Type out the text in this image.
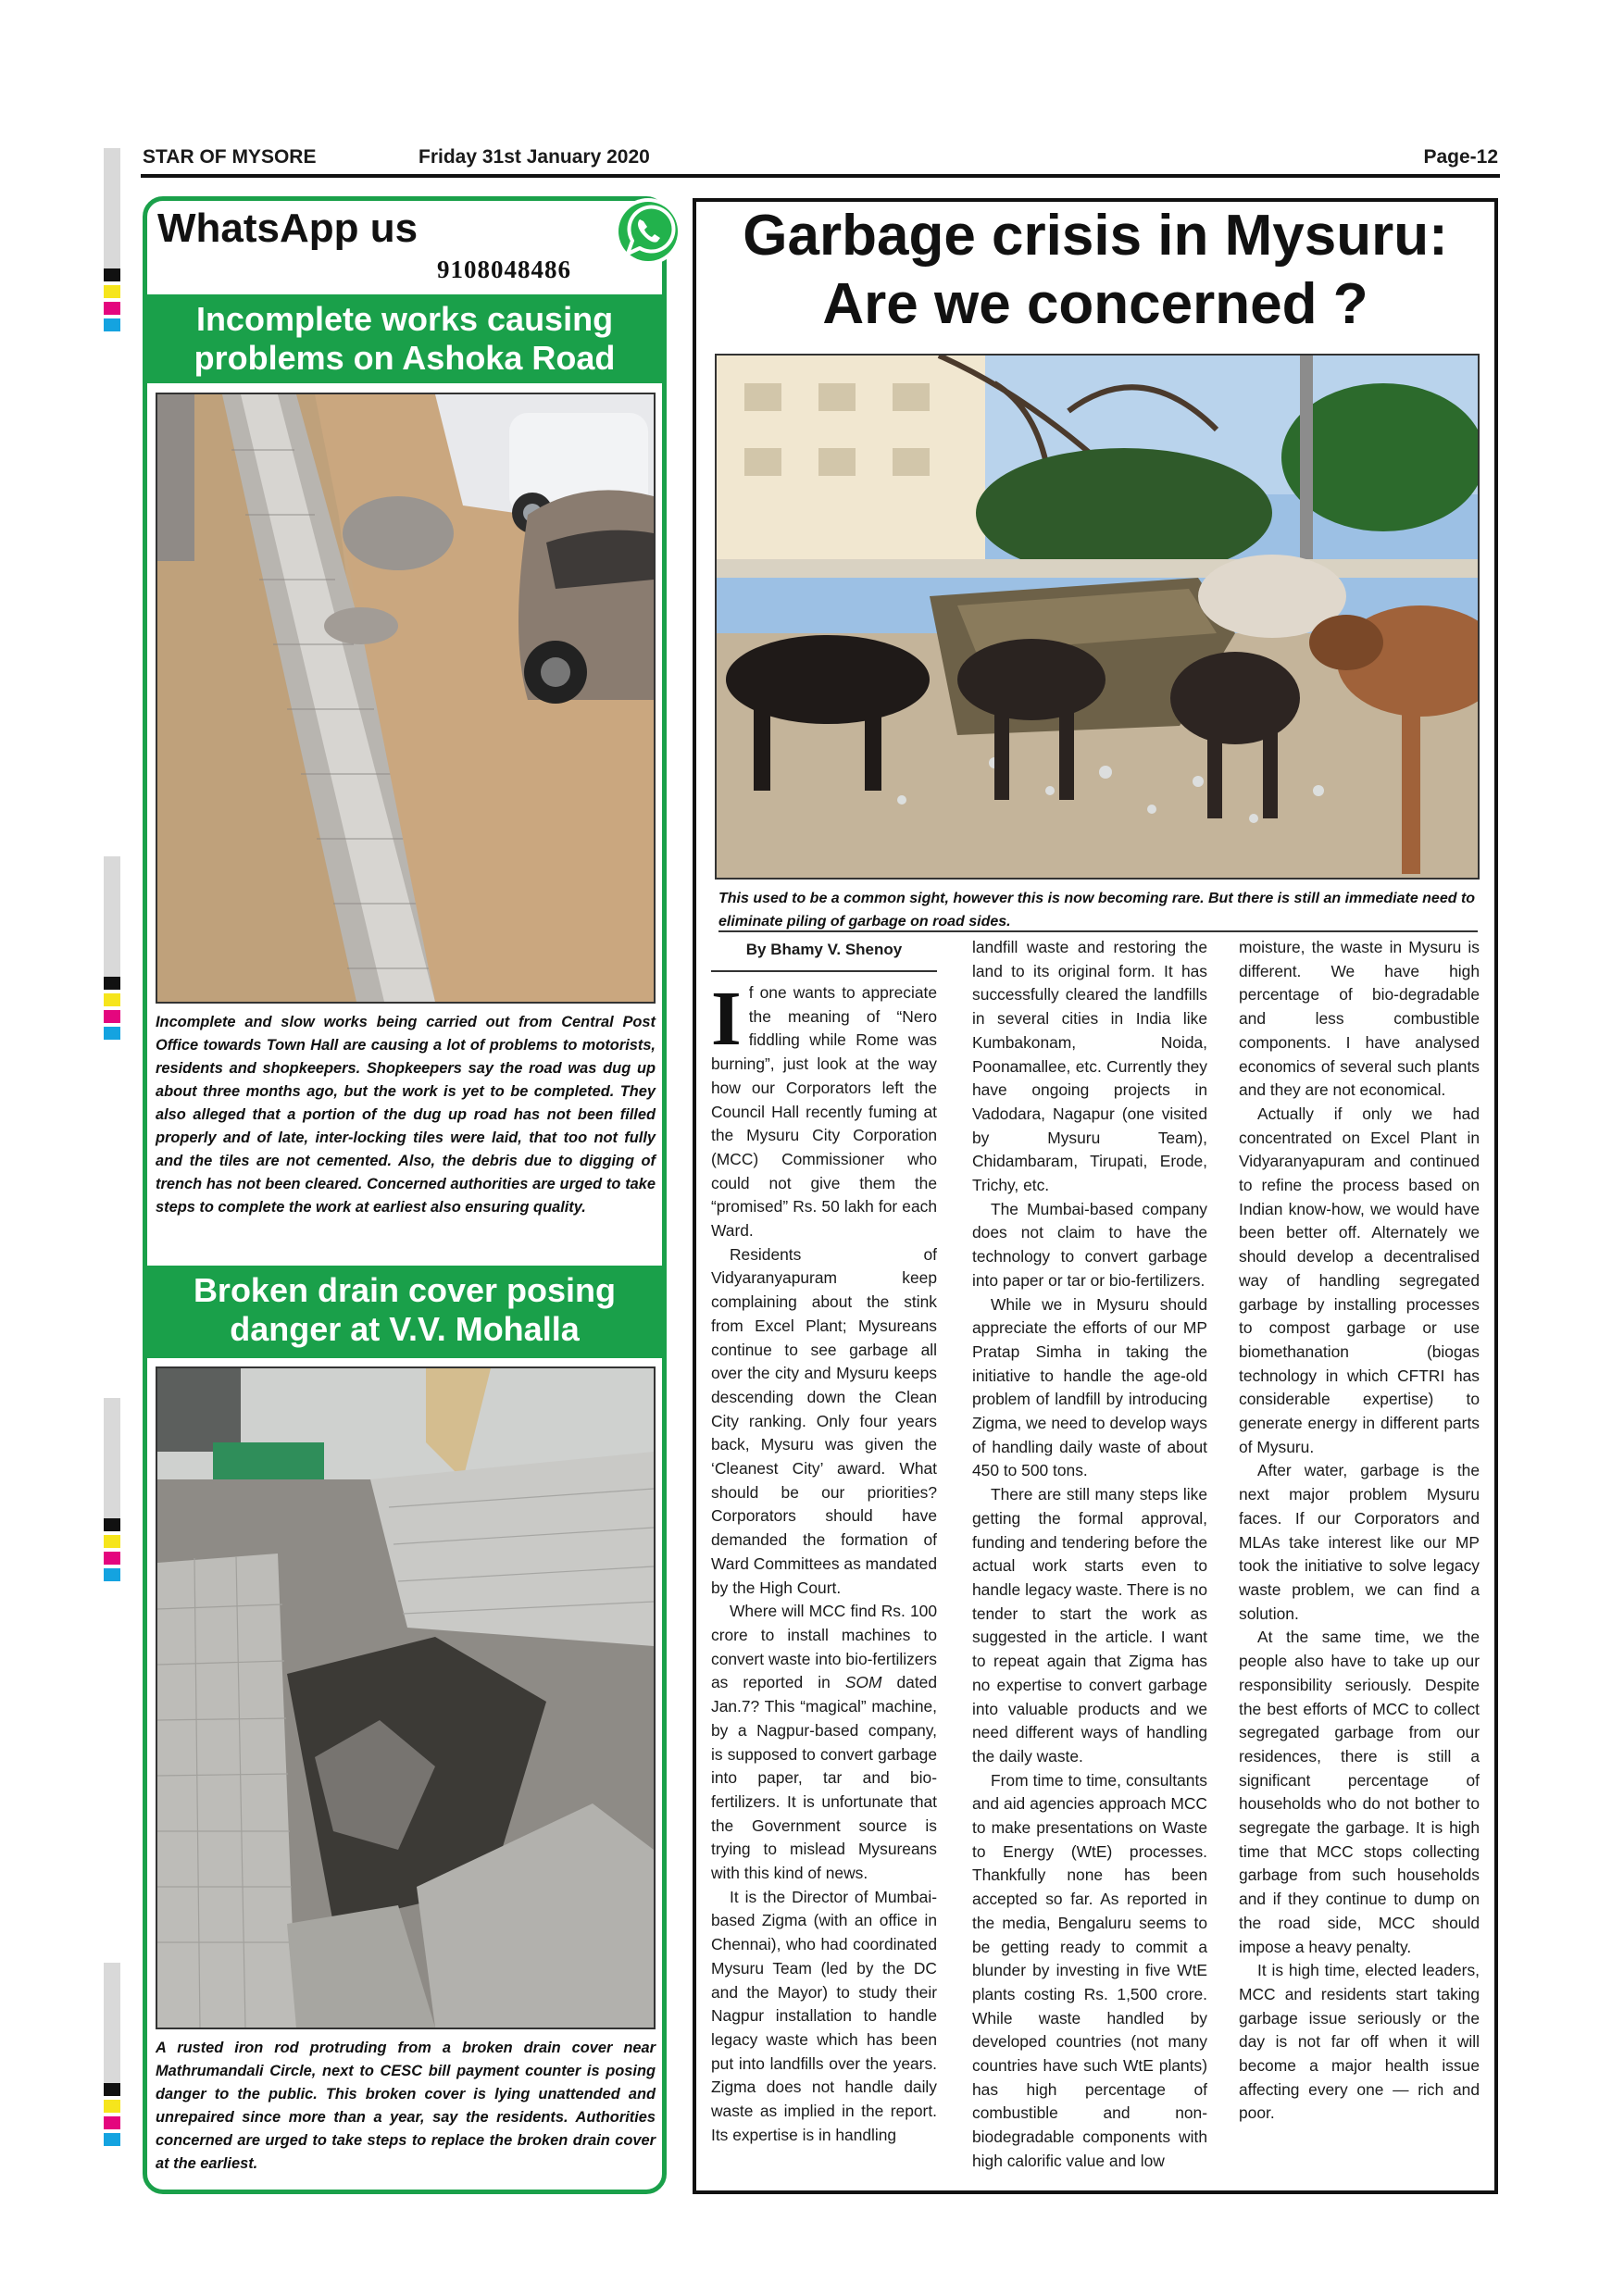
STAR OF MYSORE	Friday 31st January 2020	Page-12
WhatsApp us
9108048486
Incomplete works causing
problems on Ashoka Road
Incomplete and slow works being carried out from Central Post Office towards Town Hall are causing a lot of problems to motorists, residents and shopkeepers. Shopkeepers say the road was dug up about three months ago, but the work is yet to be completed. They also alleged that a portion of the dug up road has not been filled properly and of late, inter-locking tiles were laid, that too not fully and the tiles are not cemented. Also, the debris due to digging of trench has not been cleared. Concerned authorities are urged to take steps to complete the work at earliest also ensuring quality.
Broken drain cover posing
danger at V.V. Mohalla
A rusted iron rod protruding from a broken drain cover near Mathrumandali Circle, next to CESC bill payment counter is posing danger to the public. This broken cover is lying unattended and unrepaired since more than a year, say the residents. Authorities concerned are urged to take steps to replace the broken drain cover at the earliest.
Garbage crisis in Mysuru:
Are we concerned ?
This used to be a common sight, however this is now becoming rare. But there is still an immediate need to eliminate piling of garbage on road sides.
By Bhamy V. Shenoy

If one wants to appreciate the meaning of “Nero fiddling while Rome was burning”, just look at the way how our Corporators left the Council Hall recently fuming at the Mysuru City Corporation (MCC) Commissioner who could not give them the “promised” Rs. 50 lakh for each Ward.

Residents of Vidyaranyapuram keep complaining about the stink from Excel Plant; Mysureans continue to see garbage all over the city and Mysuru keeps descending down the Clean City ranking. Only four years back, Mysuru was given the ‘Cleanest City’ award. What should be our priorities? Corporators should have demanded the formation of Ward Committees as mandated by the High Court.

Where will MCC find Rs. 100 crore to install machines to convert waste into bio-fertilizers as reported in SOM dated Jan.7? This “magical” machine, by a Nagpur-based company, is supposed to convert garbage into paper, tar and bio-fertilizers. It is unfortunate that the Government source is trying to mislead Mysureans with this kind of news.

It is the Director of Mumbai-based Zigma (with an office in Chennai), who had coordinated Mysuru Team (led by the DC and the Mayor) to study their Nagpur installation to handle legacy waste which has been put into landfills over the years. Zigma does not handle daily waste as implied in the report. Its expertise is in handling

landfill waste and restoring the land to its original form. It has successfully cleared the landfills in several cities in India like Kumbakonam, Noida, Poonamallee, etc. Currently they have ongoing projects in Vadodara, Nagapur (one visited by Mysuru Team), Chidambaram, Tirupati, Erode, Trichy, etc.

The Mumbai-based company does not claim to have the technology to convert garbage into paper or tar or bio-fertilizers.

While we in Mysuru should appreciate the efforts of our MP Pratap Simha in taking the initiative to handle the age-old problem of landfill by introducing Zigma, we need to develop ways of handling daily waste of about 450 to 500 tons.

There are still many steps like getting the formal approval, funding and tendering before the actual work starts even to handle legacy waste. There is no tender to start the work as suggested in the article. I want to repeat again that Zigma has no expertise to convert garbage into valuable products and we need different ways of handling the daily waste.

From time to time, consultants and aid agencies approach MCC to make presentations on Waste to Energy (WtE) processes. Thankfully none has been accepted so far. As reported in the media, Bengaluru seems to be getting ready to commit a blunder by investing in five WtE plants costing Rs. 1,500 crore. While waste handled by developed countries (not many countries have such WtE plants) has high percentage of combustible and non-biodegradable components with high calorific value and low

moisture, the waste in Mysuru is different. We have high percentage of bio-degradable and less combustible components. I have analysed economics of several such plants and they are not economical.

Actually if only we had concentrated on Excel Plant in Vidyaranyapuram and continued to refine the process based on Indian know-how, we would have been better off. Alternately we should develop a decentralised way of handling segregated garbage by installing processes to compost garbage or use biomethanation (biogas technology in which CFTRI has considerable expertise) to generate energy in different parts of Mysuru.

After water, garbage is the next major problem Mysuru faces. If our Corporators and MLAs take interest like our MP took the initiative to solve legacy waste problem, we can find a solution.

At the same time, we the people also have to take up our responsibility seriously. Despite the best efforts of MCC to collect segregated garbage from our residences, there is still a significant percentage of households who do not bother to segregate the garbage. It is high time that MCC stops collecting garbage from such households and if they continue to dump on the road side, MCC should impose a heavy penalty.

It is high time, elected leaders, MCC and residents start taking garbage issue seriously or the day is not far off when it will become a major health issue affecting every one — rich and poor.
